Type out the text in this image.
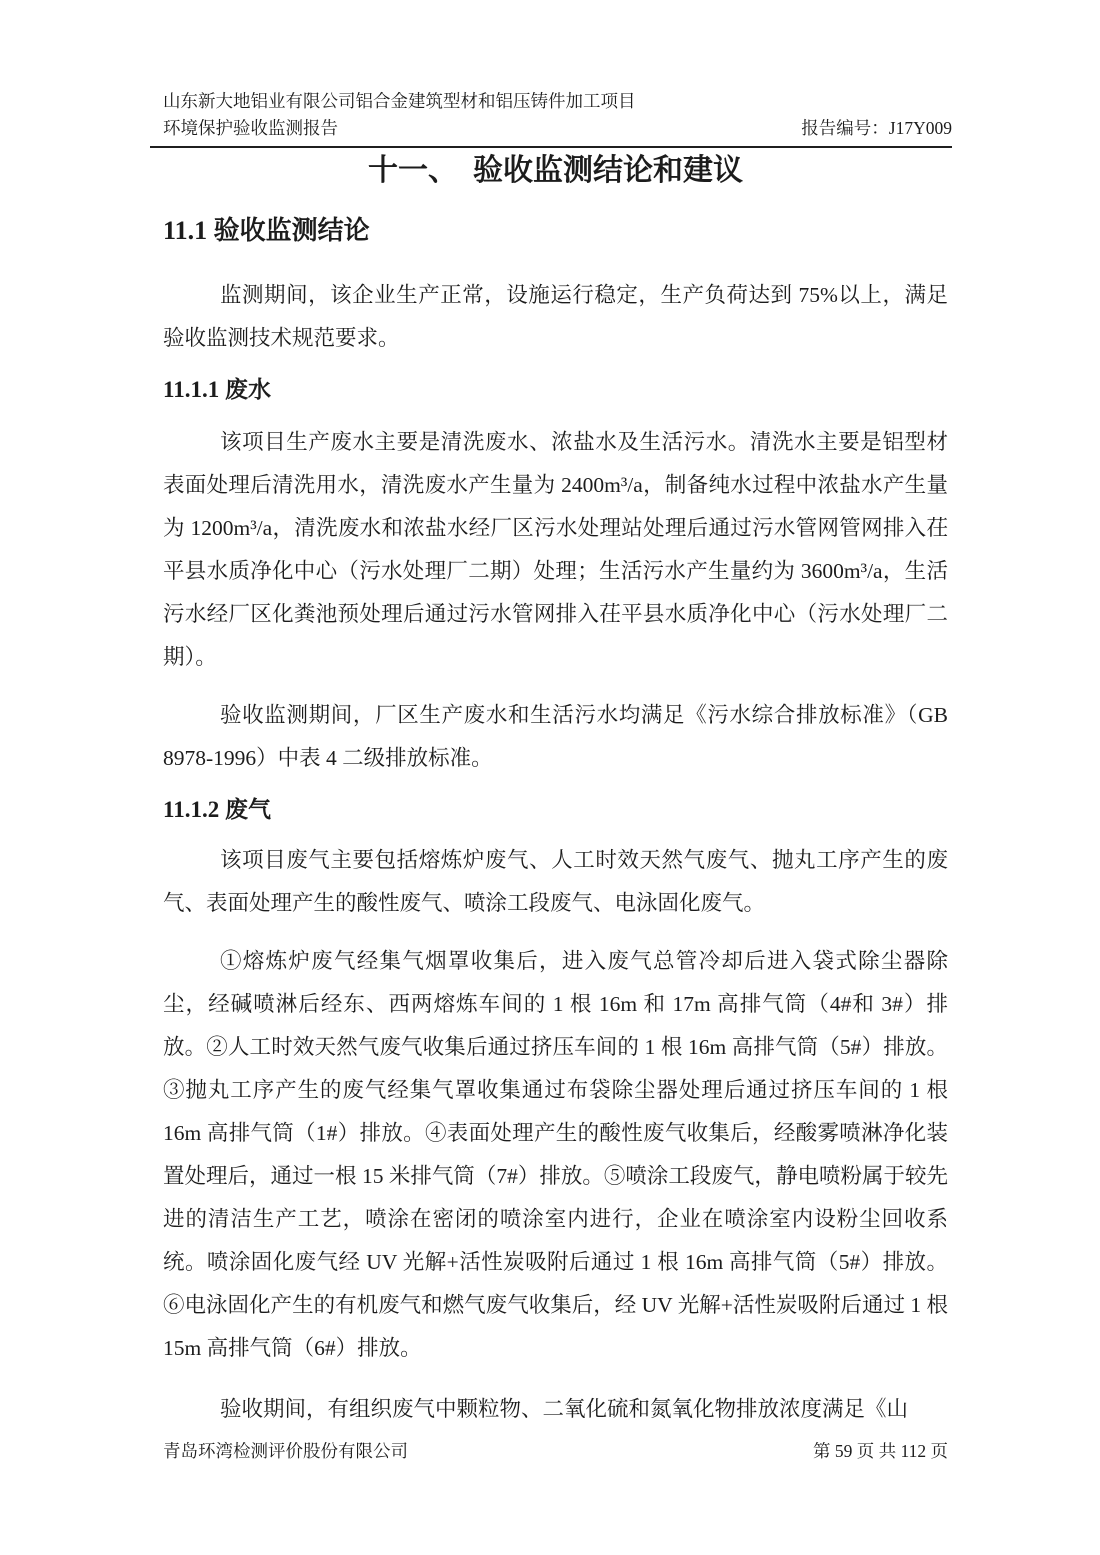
山东新大地铝业有限公司铝合金建筑型材和铝压铸件加工项目
环境保护验收监测报告	报告编号：J17Y009
十一、　验收监测结论和建议
11.1 验收监测结论

监测期间，该企业生产正常，设施运行稳定，生产负荷达到 75%以上，满足验收监测技术规范要求。

11.1.1 废水

该项目生产废水主要是清洗废水、浓盐水及生活污水。清洗水主要是铝型材表面处理后清洗用水，清洗废水产生量为 2400m³/a，制备纯水过程中浓盐水产生量为 1200m³/a，清洗废水和浓盐水经厂区污水处理站处理后通过污水管网管网排入茌平县水质净化中心（污水处理厂二期）处理；生活污水产生量约为 3600m³/a，生活污水经厂区化粪池预处理后通过污水管网排入茌平县水质净化中心（污水处理厂二期）。

验收监测期间，厂区生产废水和生活污水均满足《污水综合排放标准》（GB 8978-1996）中表 4 二级排放标准。

11.1.2 废气

该项目废气主要包括熔炼炉废气、人工时效天然气废气、抛丸工序产生的废气、表面处理产生的酸性废气、喷涂工段废气、电泳固化废气。

①熔炼炉废气经集气烟罩收集后，进入废气总管冷却后进入袋式除尘器除尘，经碱喷淋后经东、西两熔炼车间的 1 根 16m 和 17m 高排气筒（4#和 3#）排放。②人工时效天然气废气收集后通过挤压车间的 1 根 16m 高排气筒（5#）排放。③抛丸工序产生的废气经集气罩收集通过布袋除尘器处理后通过挤压车间的 1 根 16m 高排气筒（1#）排放。④表面处理产生的酸性废气收集后，经酸雾喷淋净化装置处理后，通过一根 15 米排气筒（7#）排放。⑤喷涂工段废气，静电喷粉属于较先进的清洁生产工艺，喷涂在密闭的喷涂室内进行，企业在喷涂室内设粉尘回收系统。喷涂固化废气经 UV 光解+活性炭吸附后通过 1 根 16m 高排气筒（5#）排放。⑥电泳固化产生的有机废气和燃气废气收集后，经 UV 光解+活性炭吸附后通过 1 根 15m 高排气筒（6#）排放。

验收期间，有组织废气中颗粒物、二氧化硫和氮氧化物排放浓度满足《山

青岛环湾检测评价股份有限公司	第 59 页 共 112 页
